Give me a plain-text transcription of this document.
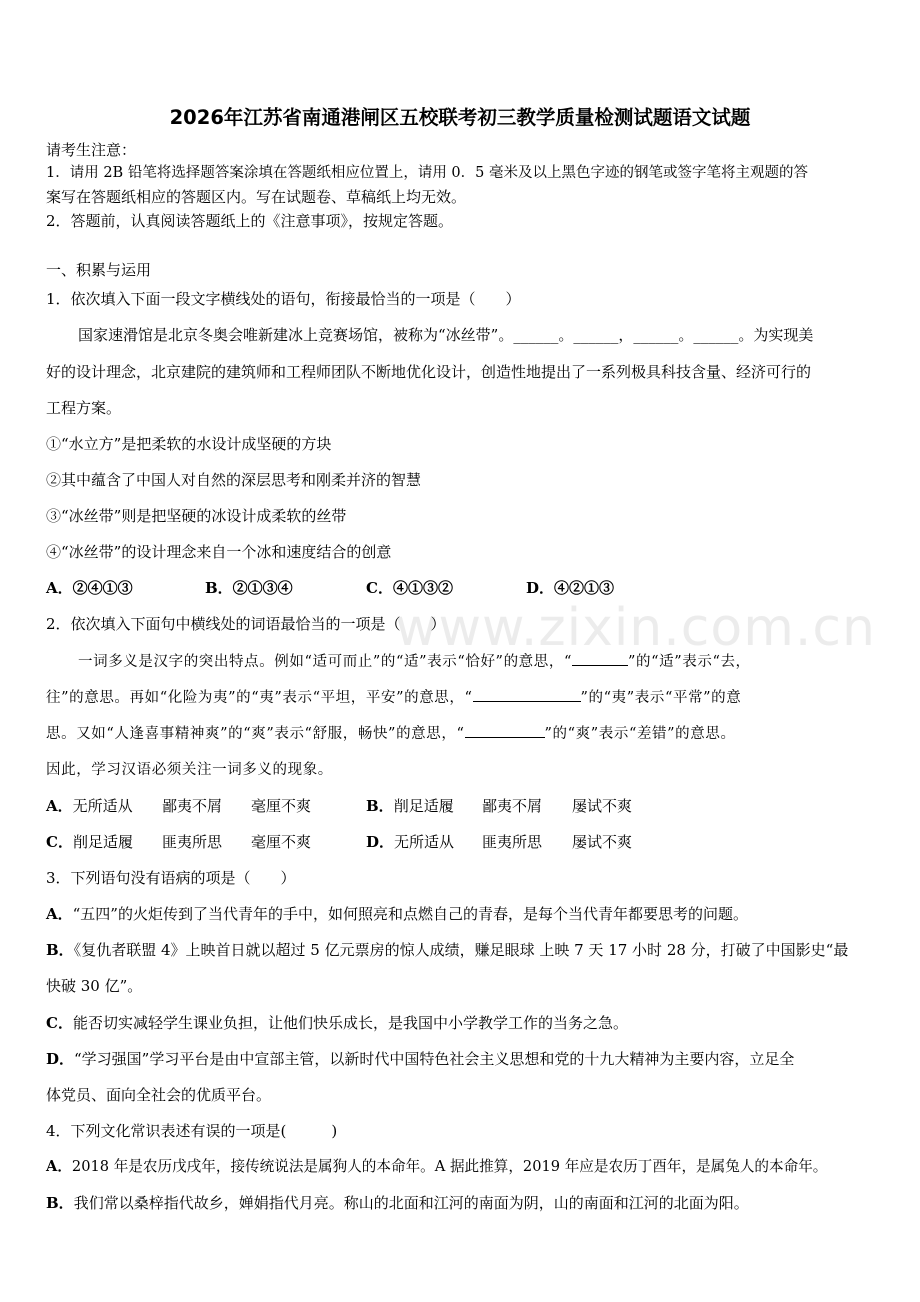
www.zixin.com.cn
2026年江苏省南通港闸区五校联考初三教学质量检测试题语文试题
请考生注意：
1．请用 2B 铅笔将选择题答案涂填在答题纸相应位置上，请用 0．5 毫米及以上黑色字迹的钢笔或签字笔将主观题的答
案写在答题纸相应的答题区内。写在试题卷、草稿纸上均无效。
2．答题前，认真阅读答题纸上的《注意事项》，按规定答题。
一、积累与运用
1．依次填入下面一段文字横线处的语句，衔接最恰当的一项是（　　）
国家速滑馆是北京冬奥会唯新建冰上竞赛场馆，被称为“冰丝带”。______。______，______。______。为实现美
好的设计理念，北京建院的建筑师和工程师团队不断地优化设计，创造性地提出了一系列极具科技含量、经济可行的
工程方案。
①“水立方”是把柔软的水设计成坚硬的方块
②其中蕴含了中国人对自然的深层思考和刚柔并济的智慧
③“冰丝带”则是把坚硬的冰设计成柔软的丝带
④“冰丝带”的设计理念来自一个冰和速度结合的创意
A．②④①③	B．②①③④	C．④①③②	D．④②①③
2．依次填入下面句中横线处的词语最恰当的一项是（　　）
一词多义是汉字的突出特点。例如“适可而止”的“适”表示“恰好”的意思，“	”的“适”表示“去，
往”的意思。再如“化险为夷”的“夷”表示“平坦，平安”的意思，“	”的“夷”表示“平常”的意
思。又如“人逢喜事精神爽”的“爽”表示“舒服，畅快”的意思，“	”的“爽”表示“差错”的意思。
因此，学习汉语必须关注一词多义的现象。
A．无所适从 鄙夷不屑 毫厘不爽	B．削足适履 鄙夷不屑 屡试不爽
C．削足适履 匪夷所思 毫厘不爽	D．无所适从 匪夷所思 屡试不爽
3．下列语句没有语病的项是（　　）
A．“五四”的火炬传到了当代青年的手中，如何照亮和点燃自己的青春，是每个当代青年都要思考的问题。
B．《复仇者联盟 4》上映首日就以超过 5 亿元票房的惊人成绩，赚足眼球 上映 7 天 17 小时 28 分，打破了中国影史“最
快破 30 亿”。
C．能否切实减轻学生课业负担，让他们快乐成长，是我国中小学教学工作的当务之急。
D．“学习强国”学习平台是由中宣部主管，以新时代中国特色社会主义思想和党的十九大精神为主要内容，立足全
体党员、面向全社会的优质平台。
4．下列文化常识表述有误的一项是(　　　)
A．2018 年是农历戊戌年，接传统说法是属狗人的本命年。A 据此推算，2019 年应是农历丁酉年，是属兔人的本命年。
B．我们常以桑梓指代故乡，婵娟指代月亮。称山的北面和江河的南面为阴，山的南面和江河的北面为阳。
